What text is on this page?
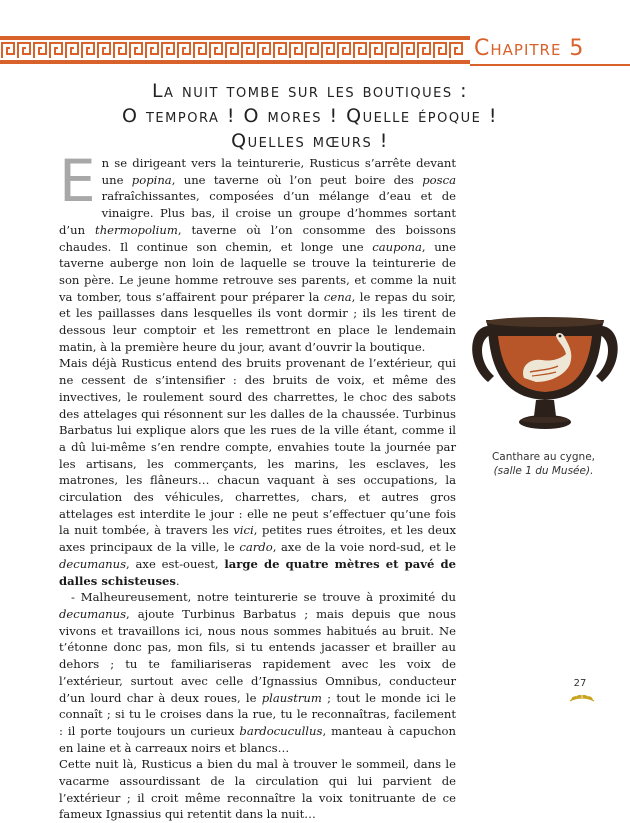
Chapitre 5
La nuit tombe sur les boutiques :
O tempora ! O mores ! Quelle époque !
Quelles mœurs !

En se dirigeant vers la teinturerie, Rusticus s’arrête devant une popina, une taverne où l’on peut boire des posca rafraîchissantes, composées d’un mélange d’eau et de vinaigre. Plus bas, il croise un groupe d’hommes sortant d’un thermopolium, taverne où l’on consomme des boissons chaudes. Il continue son chemin, et longe une caupona, une taverne auberge non loin de laquelle se trouve la teinturerie de son père. Le jeune homme retrouve ses parents, et comme la nuit va tomber, tous s’affairent pour préparer la cena, le repas du soir, et les paillasses dans lesquelles ils vont dormir ; ils les tirent de dessous leur comptoir et les remettront en place le lendemain matin, à la première heure du jour, avant d’ouvrir la boutique.

Mais déjà Rusticus entend des bruits provenant de l’extérieur, qui ne cessent de s’intensifier : des bruits de voix, et même des invectives, le roulement sourd des charrettes, le choc des sabots des attelages qui résonnent sur les dalles de la chaussée. Turbinus Barbatus lui explique alors que les rues de la ville étant, comme il a dû lui-même s’en rendre compte, envahies toute la journée par les artisans, les commerçants, les marins, les esclaves, les matrones, les flâneurs… chacun vaquant à ses occupations, la circulation des véhicules, charrettes, chars, et autres gros attelages est interdite le jour : elle ne peut s’effectuer qu’une fois la nuit tombée, à travers les vici, petites rues étroites, et les deux axes principaux de la ville, le cardo, axe de la voie nord-sud, et le decumanus, axe est-ouest, large de quatre mètres et pavé de dalles schisteuses.

- Malheureusement, notre teinturerie se trouve à proximité du decumanus, ajoute Turbinus Barbatus ; mais depuis que nous vivons et travaillons ici, nous nous sommes habitués au bruit. Ne t’étonne donc pas, mon fils, si tu entends jacasser et brailler au dehors ; tu te familiariseras rapidement avec les voix de l’extérieur, surtout avec celle d’Ignassius Omnibus, conducteur d’un lourd char à deux roues, le plaustrum ; tout le monde ici le connaît ; si tu le croises dans la rue, tu le reconnaîtras, facilement : il porte toujours un curieux bardocucullus, manteau à capuchon en laine et à carreaux noirs et blancs…

Cette nuit là, Rusticus a bien du mal à trouver le sommeil, dans le vacarme assourdissant de la circulation qui lui parvient de l’extérieur ; il croit même reconnaître la voix tonitruante de ce fameux Ignassius qui retentit dans la nuit…

Canthare au cygne,
(salle 1 du Musée).
27
